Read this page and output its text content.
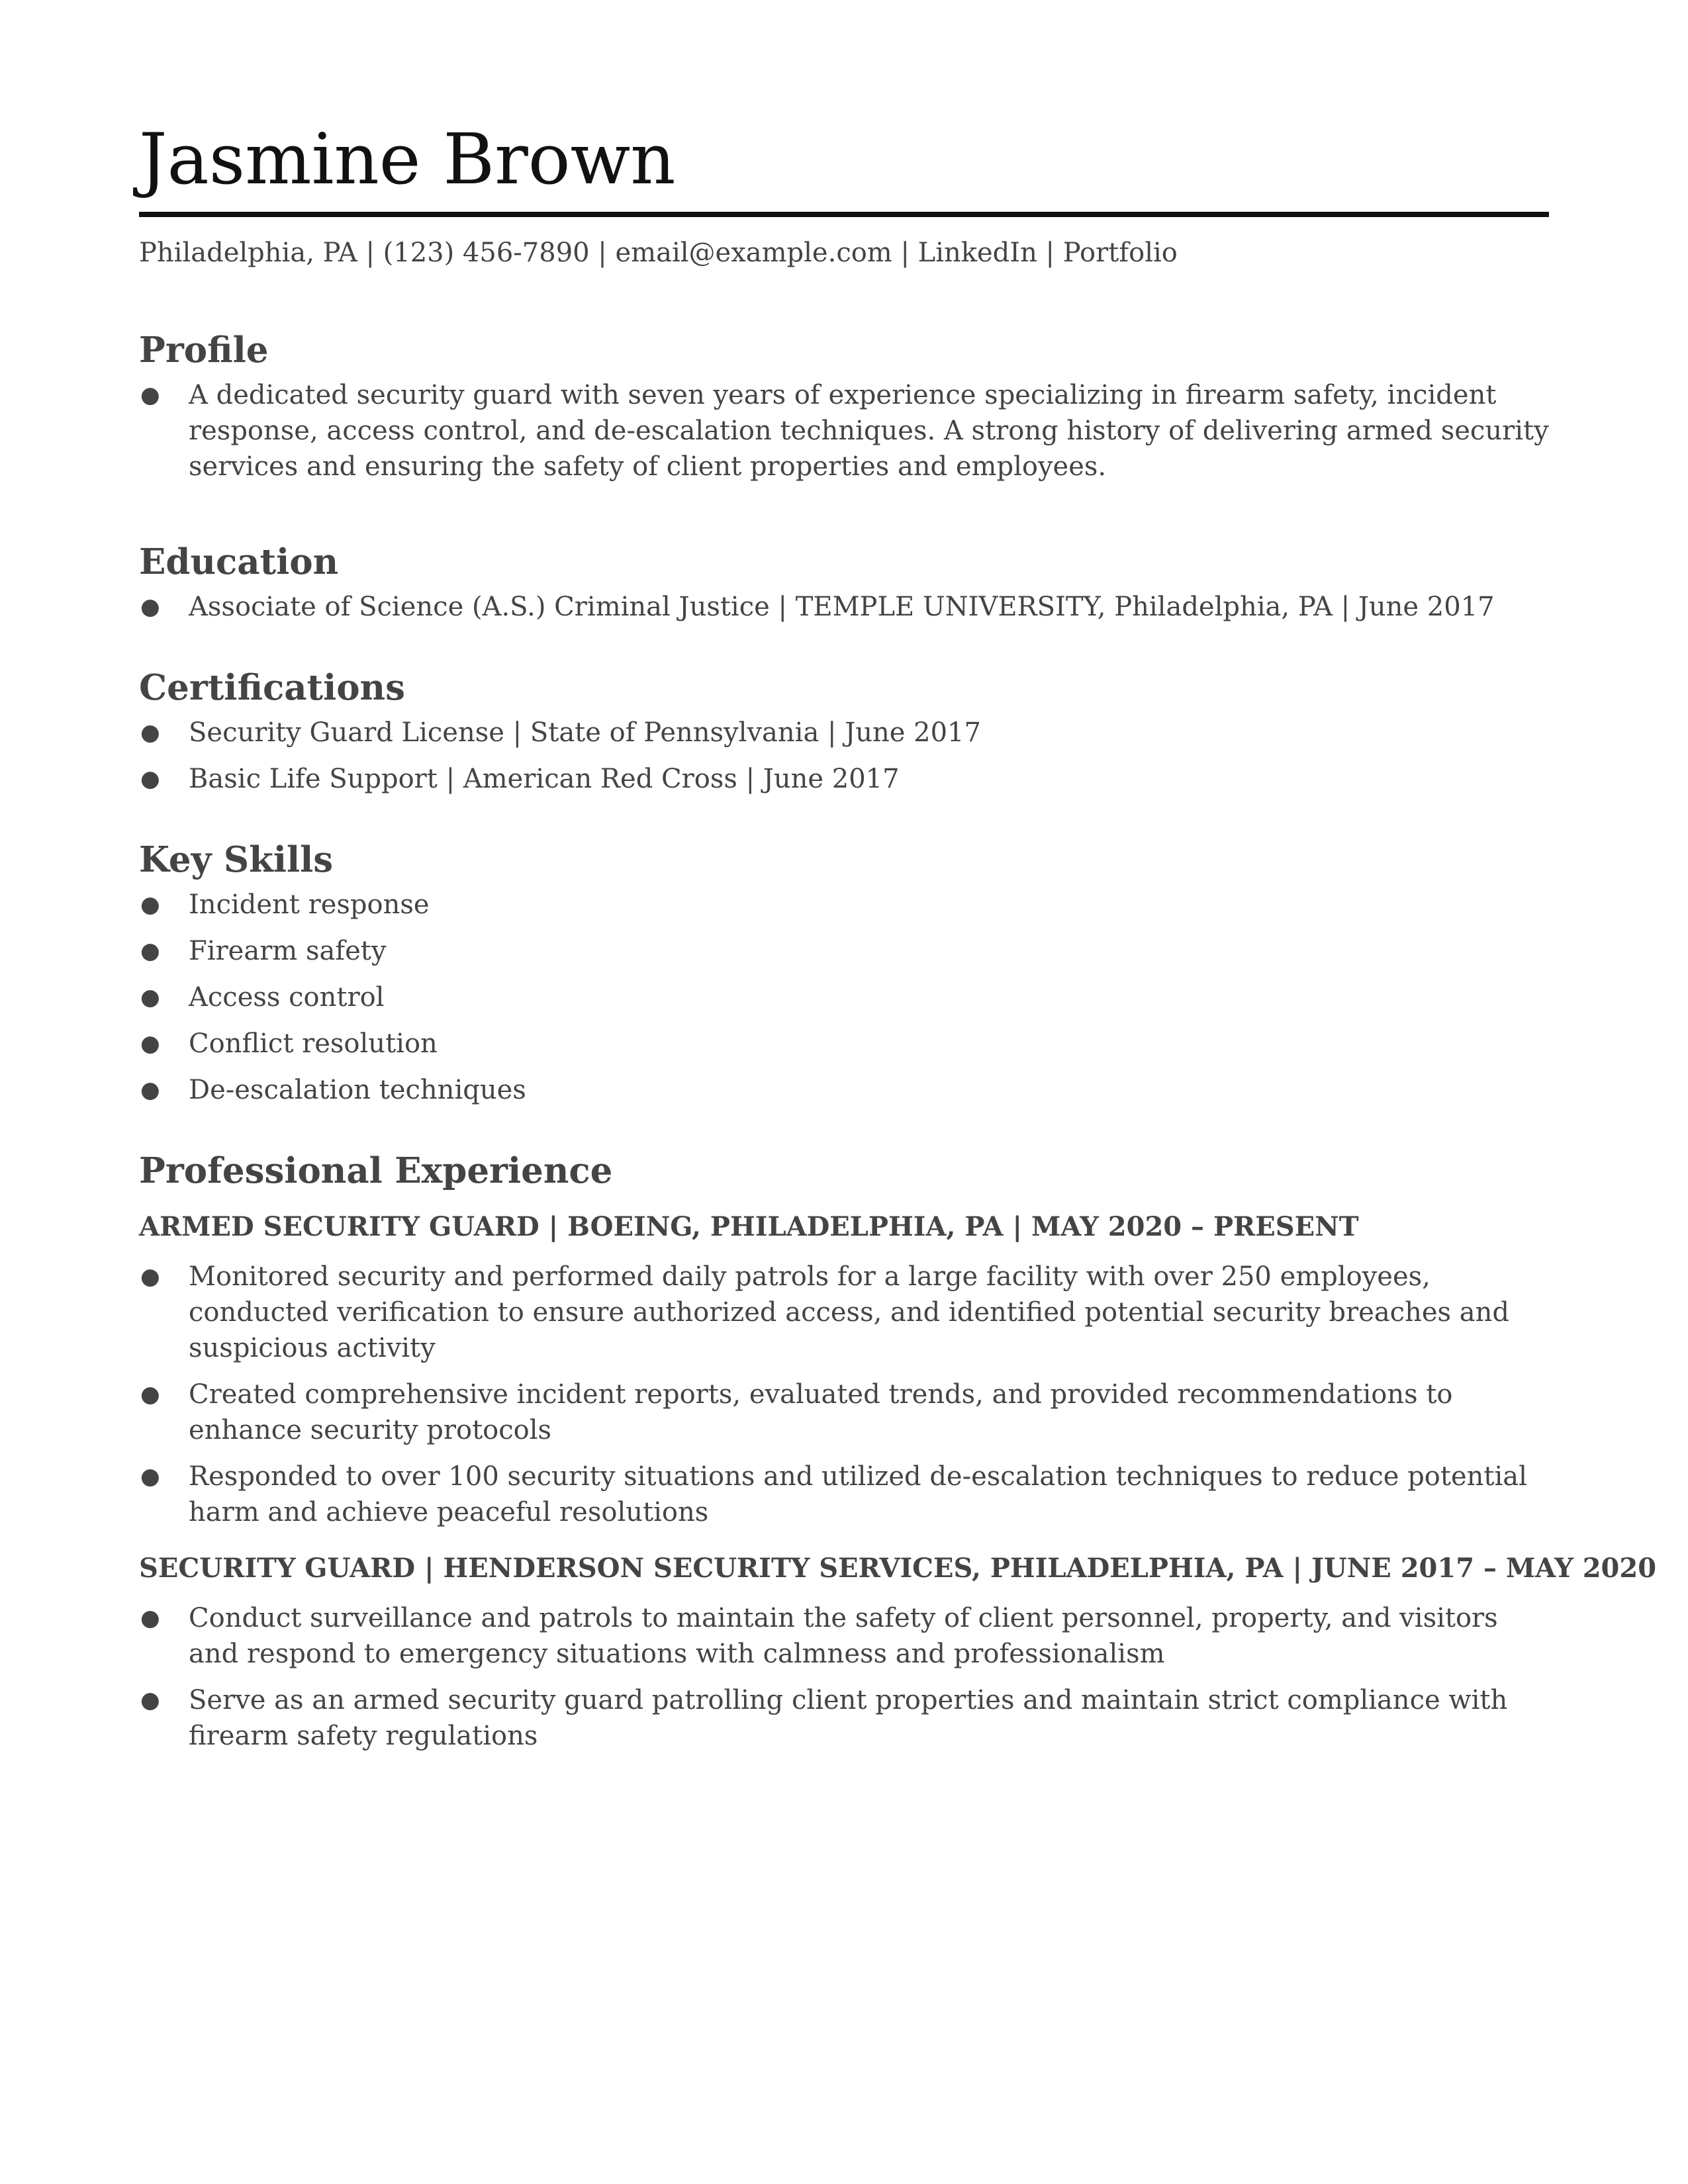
Jasmine Brown
Philadelphia, PA | (123) 456-7890 | email@example.com | LinkedIn | Portfolio
Profile
● A dedicated security guard with seven years of experience specializing in firearm safety, incident response, access control, and de-escalation techniques. A strong history of delivering armed security services and ensuring the safety of client properties and employees.
Education
● Associate of Science (A.S.) Criminal Justice | TEMPLE UNIVERSITY, Philadelphia, PA | June 2017
Certifications
● Security Guard License | State of Pennsylvania | June 2017
● Basic Life Support | American Red Cross | June 2017
Key Skills
● Incident response
● Firearm safety
● Access control
● Conflict resolution
● De-escalation techniques
Professional Experience
ARMED SECURITY GUARD | BOEING, PHILADELPHIA, PA | MAY 2020 – PRESENT
● Monitored security and performed daily patrols for a large facility with over 250 employees, conducted verification to ensure authorized access, and identified potential security breaches and suspicious activity
● Created comprehensive incident reports, evaluated trends, and provided recommendations to enhance security protocols
● Responded to over 100 security situations and utilized de-escalation techniques to reduce potential harm and achieve peaceful resolutions
SECURITY GUARD | HENDERSON SECURITY SERVICES, PHILADELPHIA, PA | JUNE 2017 – MAY 2020
● Conduct surveillance and patrols to maintain the safety of client personnel, property, and visitors and respond to emergency situations with calmness and professionalism
● Serve as an armed security guard patrolling client properties and maintain strict compliance with firearm safety regulations
